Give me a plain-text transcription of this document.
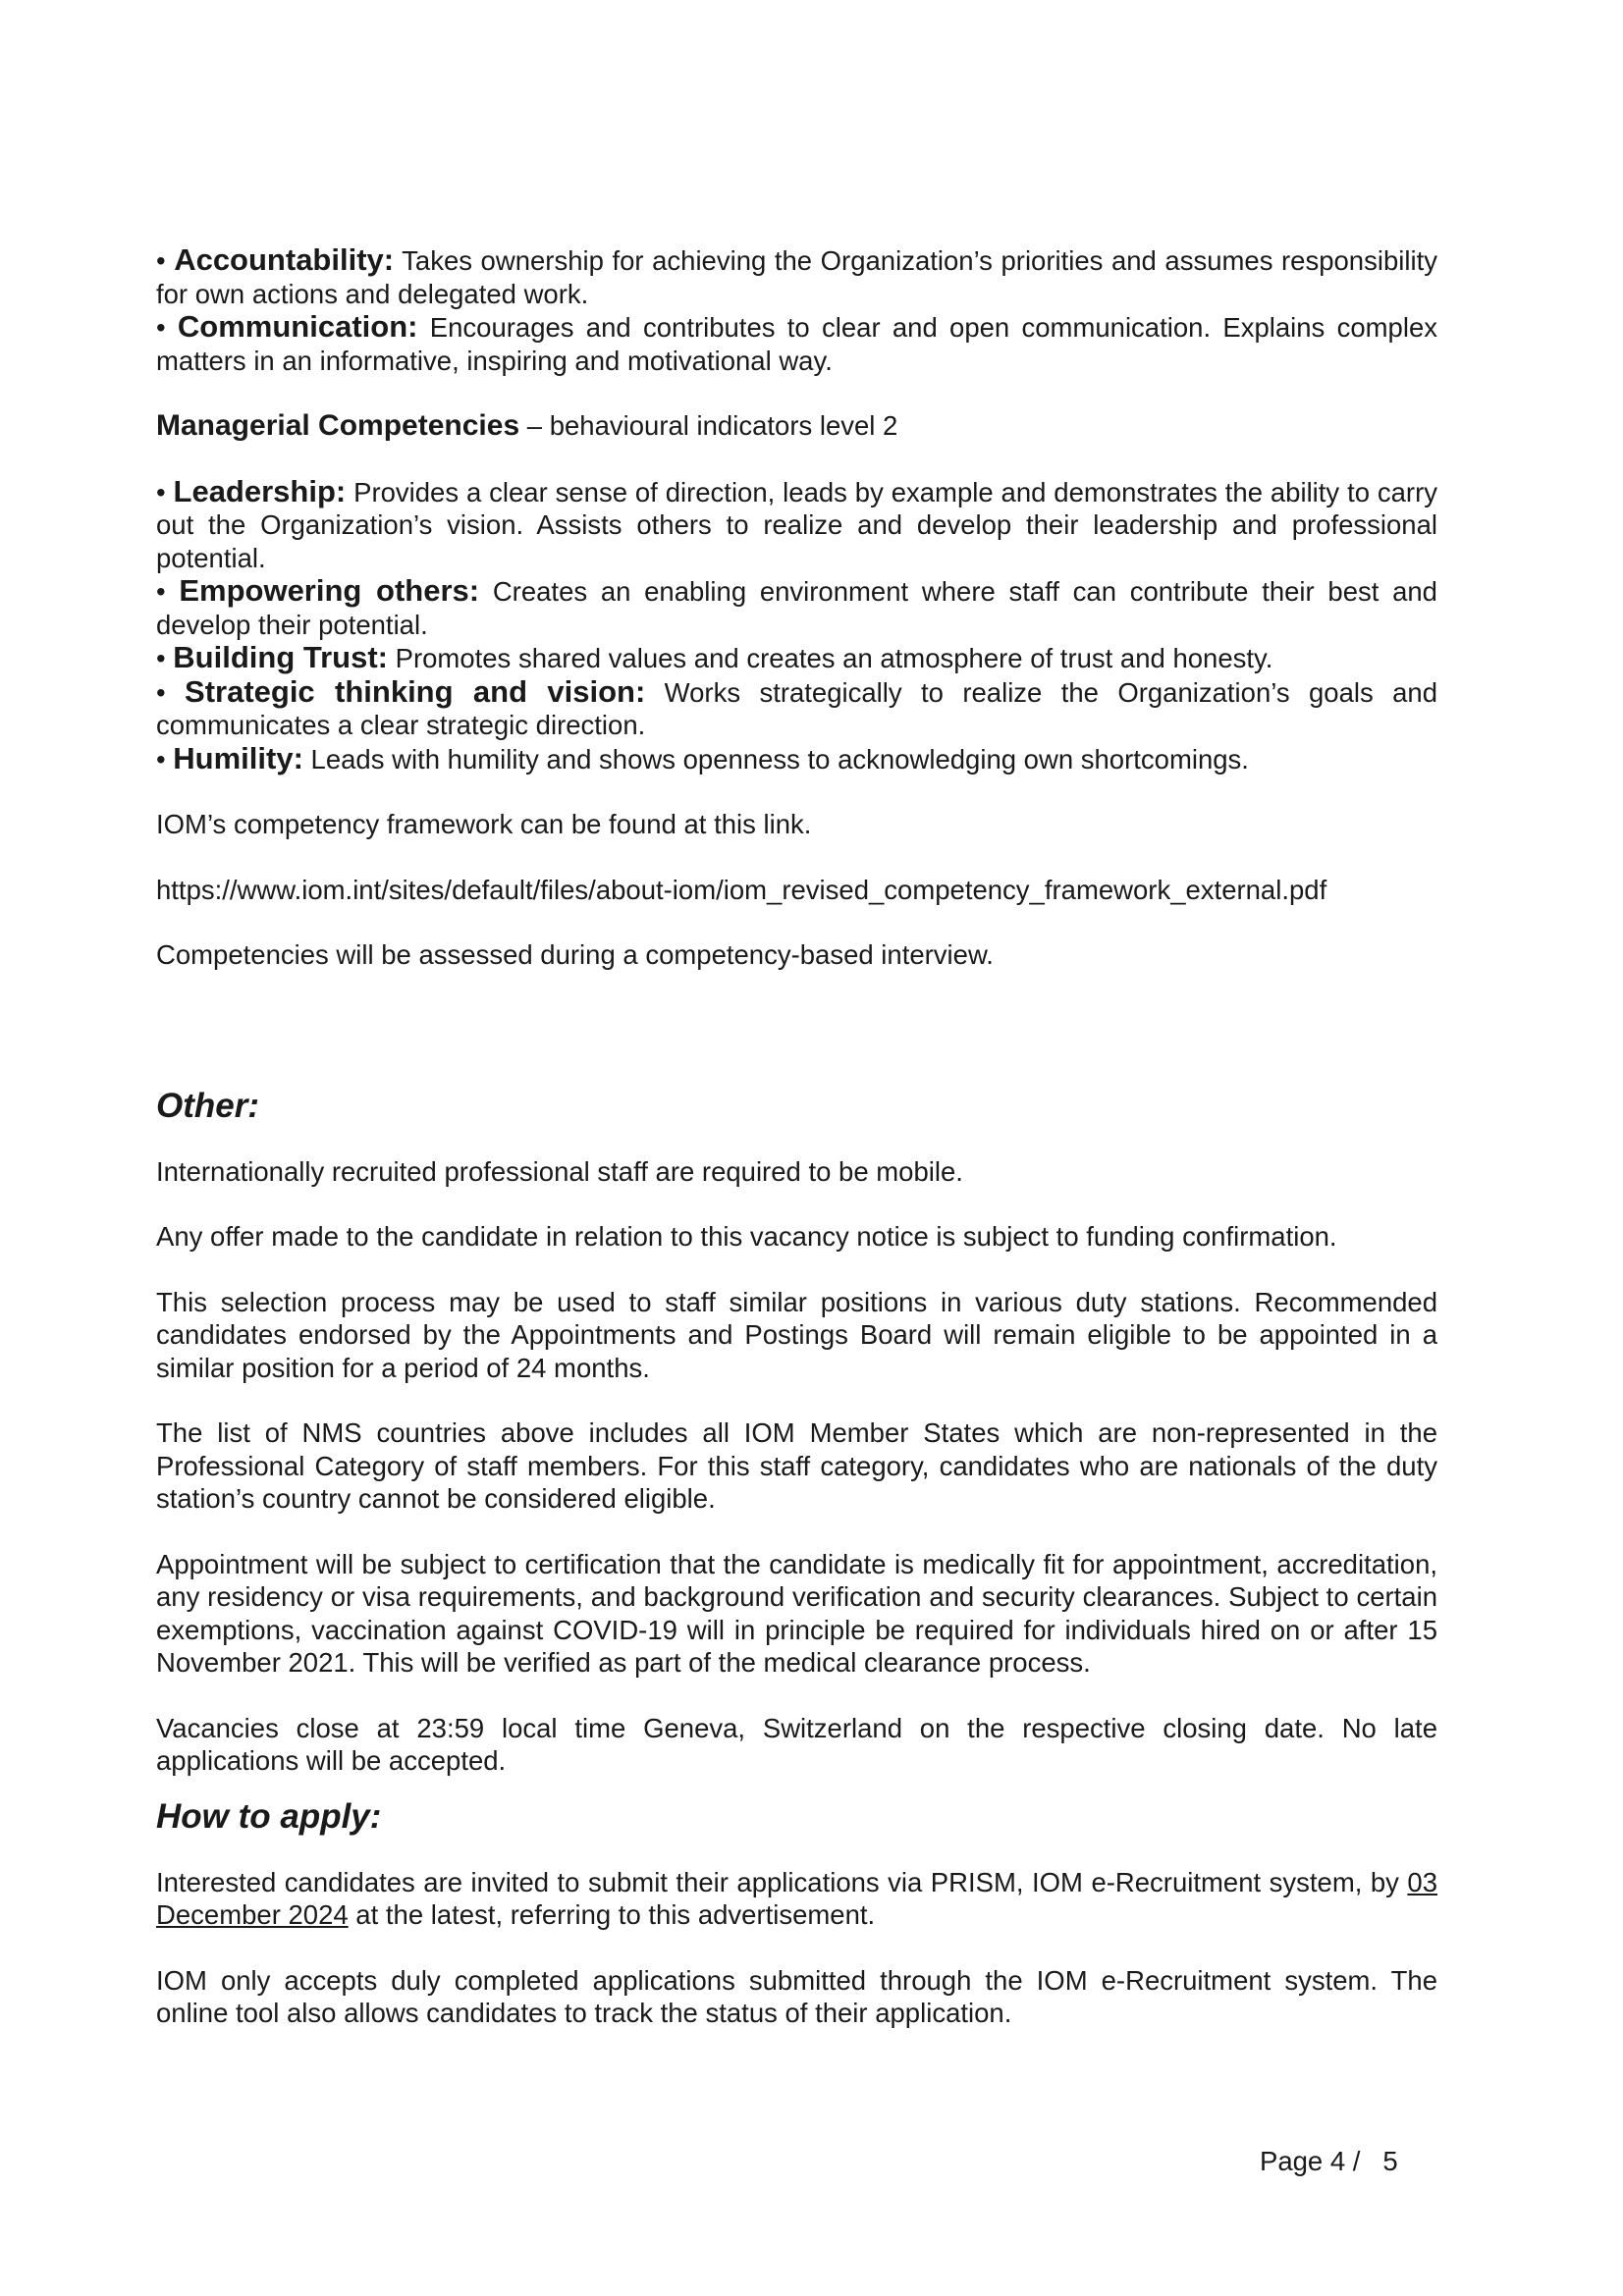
• Accountability: Takes ownership for achieving the Organization’s priorities and assumes responsibility for own actions and delegated work.

• Communication: Encourages and contributes to clear and open communication. Explains complex matters in an informative, inspiring and motivational way.

Managerial Competencies – behavioural indicators level 2

• Leadership: Provides a clear sense of direction, leads by example and demonstrates the ability to carry out the Organization’s vision. Assists others to realize and develop their leadership and professional potential.

• Empowering others: Creates an enabling environment where staff can contribute their best and develop their potential.

• Building Trust: Promotes shared values and creates an atmosphere of trust and honesty.

• Strategic thinking and vision: Works strategically to realize the Organization’s goals and communicates a clear strategic direction.

• Humility: Leads with humility and shows openness to acknowledging own shortcomings.

IOM’s competency framework can be found at this link.

https://www.iom.int/sites/default/files/about-iom/iom_revised_competency_framework_external.pdf

Competencies will be assessed during a competency-based interview.

Other:

Internationally recruited professional staff are required to be mobile.

Any offer made to the candidate in relation to this vacancy notice is subject to funding confirmation.

This selection process may be used to staff similar positions in various duty stations. Recommended candidates endorsed by the Appointments and Postings Board will remain eligible to be appointed in a similar position for a period of 24 months.

The list of NMS countries above includes all IOM Member States which are non-represented in the Professional Category of staff members. For this staff category, candidates who are nationals of the duty station’s country cannot be considered eligible.

Appointment will be subject to certification that the candidate is medically fit for appointment, accreditation, any residency or visa requirements, and background verification and security clearances. Subject to certain exemptions, vaccination against COVID-19 will in principle be required for individuals hired on or after 15 November 2021. This will be verified as part of the medical clearance process.

Vacancies close at 23:59 local time Geneva, Switzerland on the respective closing date. No late applications will be accepted.

How to apply:

Interested candidates are invited to submit their applications via PRISM, IOM e-Recruitment system, by 03 December 2024 at the latest, referring to this advertisement.

IOM only accepts duly completed applications submitted through the IOM e-Recruitment system. The online tool also allows candidates to track the status of their application.

Page 4 /   5
